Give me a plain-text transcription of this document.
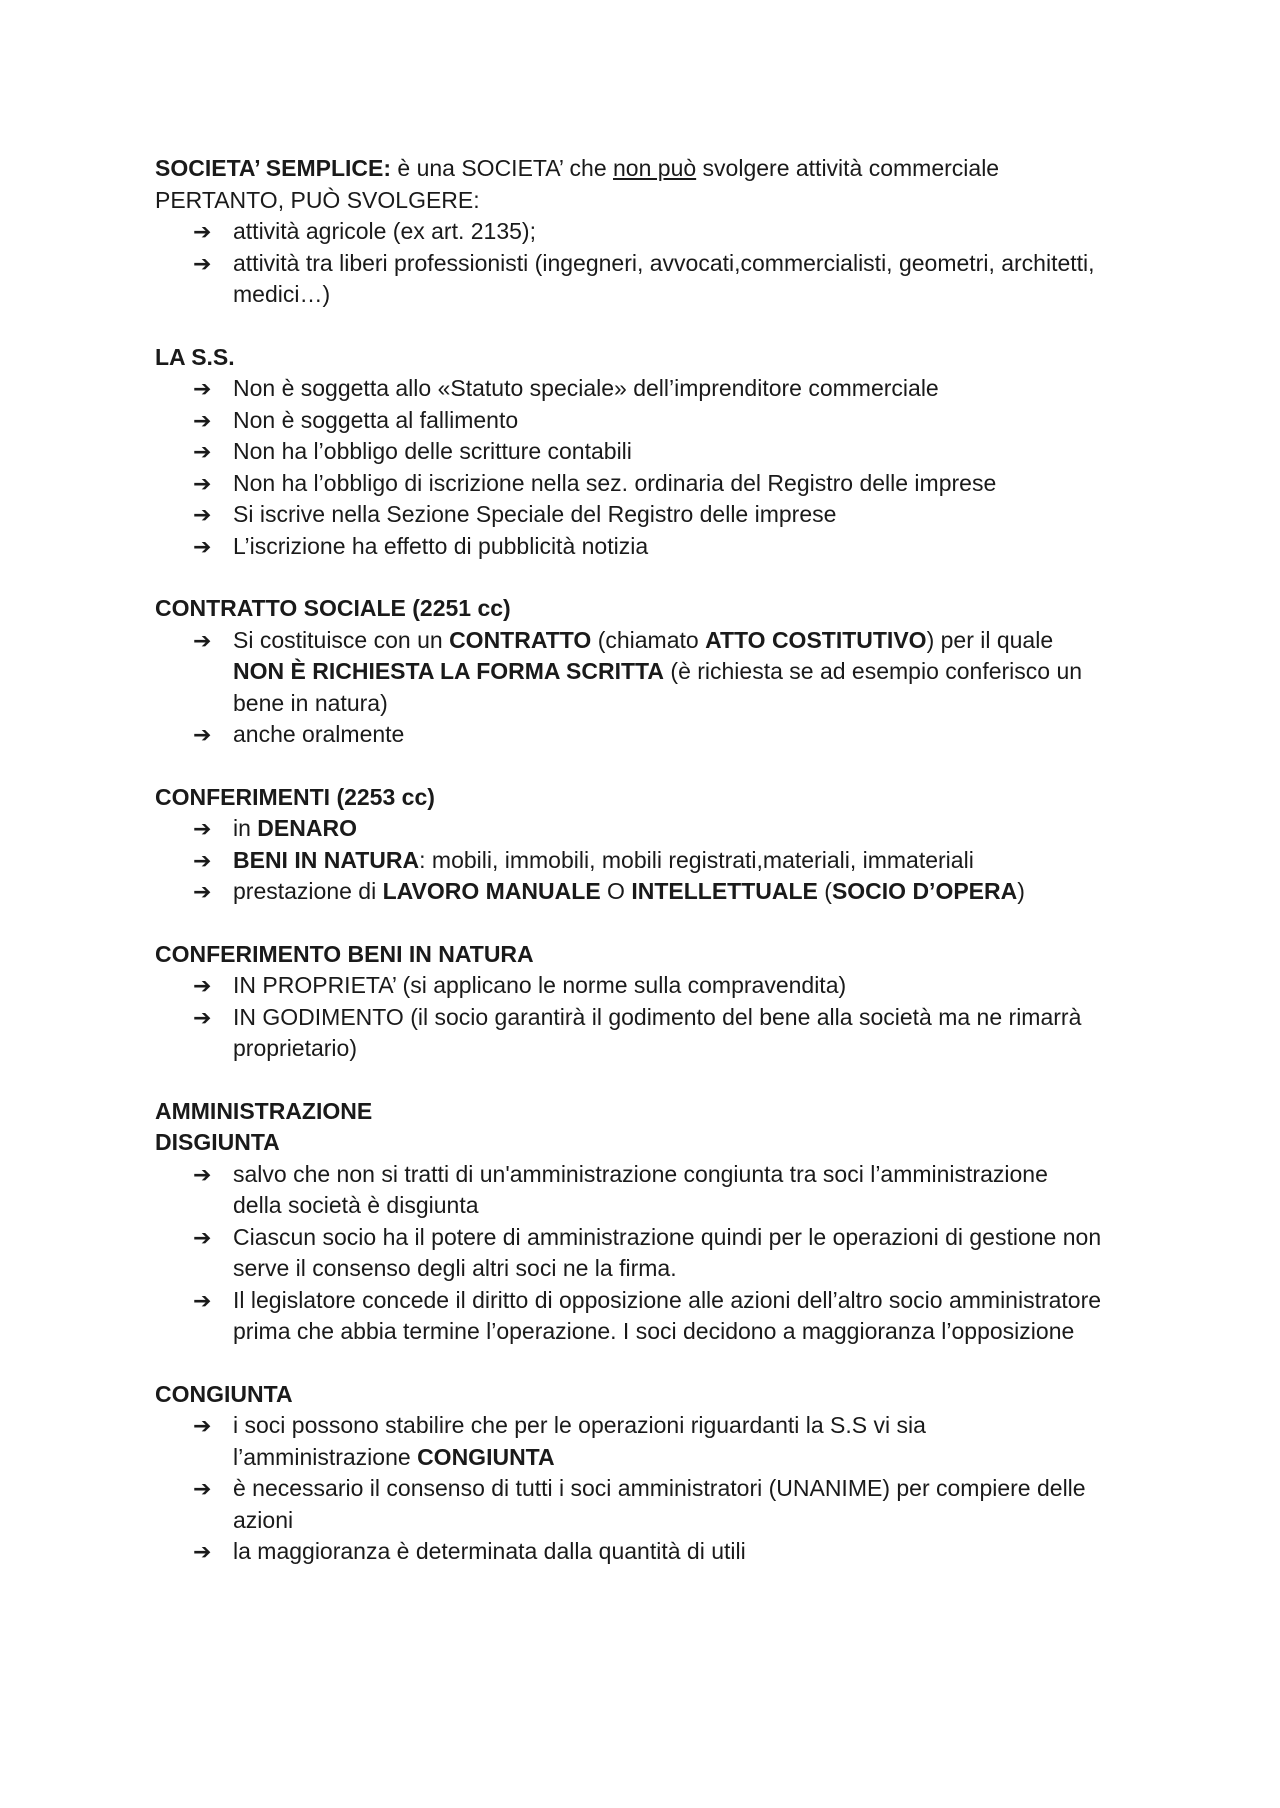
SOCIETA’ SEMPLICE: è una SOCIETA’ che non può svolgere attività commerciale

PERTANTO, PUÒ SVOLGERE:

➔ attività agricole (ex art. 2135);
➔ attività tra liberi professionisti (ingegneri, avvocati,commercialisti, geometri, architetti,
medici…)

LA S.S.

➔ Non è soggetta allo «Statuto speciale» dell’imprenditore commerciale
➔ Non è soggetta al fallimento
➔ Non ha l’obbligo delle scritture contabili
➔ Non ha l’obbligo di iscrizione nella sez. ordinaria del Registro delle imprese
➔ Si iscrive nella Sezione Speciale del Registro delle imprese
➔ L’iscrizione ha effetto di pubblicità notizia

CONTRATTO SOCIALE (2251 cc)

➔ Si costituisce con un CONTRATTO (chiamato ATTO COSTITUTIVO) per il quale
NON È RICHIESTA LA FORMA SCRITTA (è richiesta se ad esempio conferisco un
bene in natura)
➔ anche oralmente

CONFERIMENTI (2253 cc)

➔ in DENARO
➔ BENI IN NATURA: mobili, immobili, mobili registrati,materiali, immateriali
➔ prestazione di LAVORO MANUALE O INTELLETTUALE (SOCIO D’OPERA)

CONFERIMENTO BENI IN NATURA

➔ IN PROPRIETA’ (si applicano le norme sulla compravendita)
➔ IN GODIMENTO (il socio garantirà il godimento del bene alla società ma ne rimarrà
proprietario)

AMMINISTRAZIONE

DISGIUNTA

➔ salvo che non si tratti di un'amministrazione congiunta tra soci l’amministrazione
della società è disgiunta
➔ Ciascun socio ha il potere di amministrazione quindi per le operazioni di gestione non
serve il consenso degli altri soci ne la firma.
➔ Il legislatore concede il diritto di opposizione alle azioni dell’altro socio amministratore
prima che abbia termine l’operazione. I soci decidono a maggioranza l’opposizione

CONGIUNTA

➔ i soci possono stabilire che per le operazioni riguardanti la S.S vi sia
l’amministrazione CONGIUNTA
➔ è necessario il consenso di tutti i soci amministratori (UNANIME) per compiere delle
azioni
➔ la maggioranza è determinata dalla quantità di utili
